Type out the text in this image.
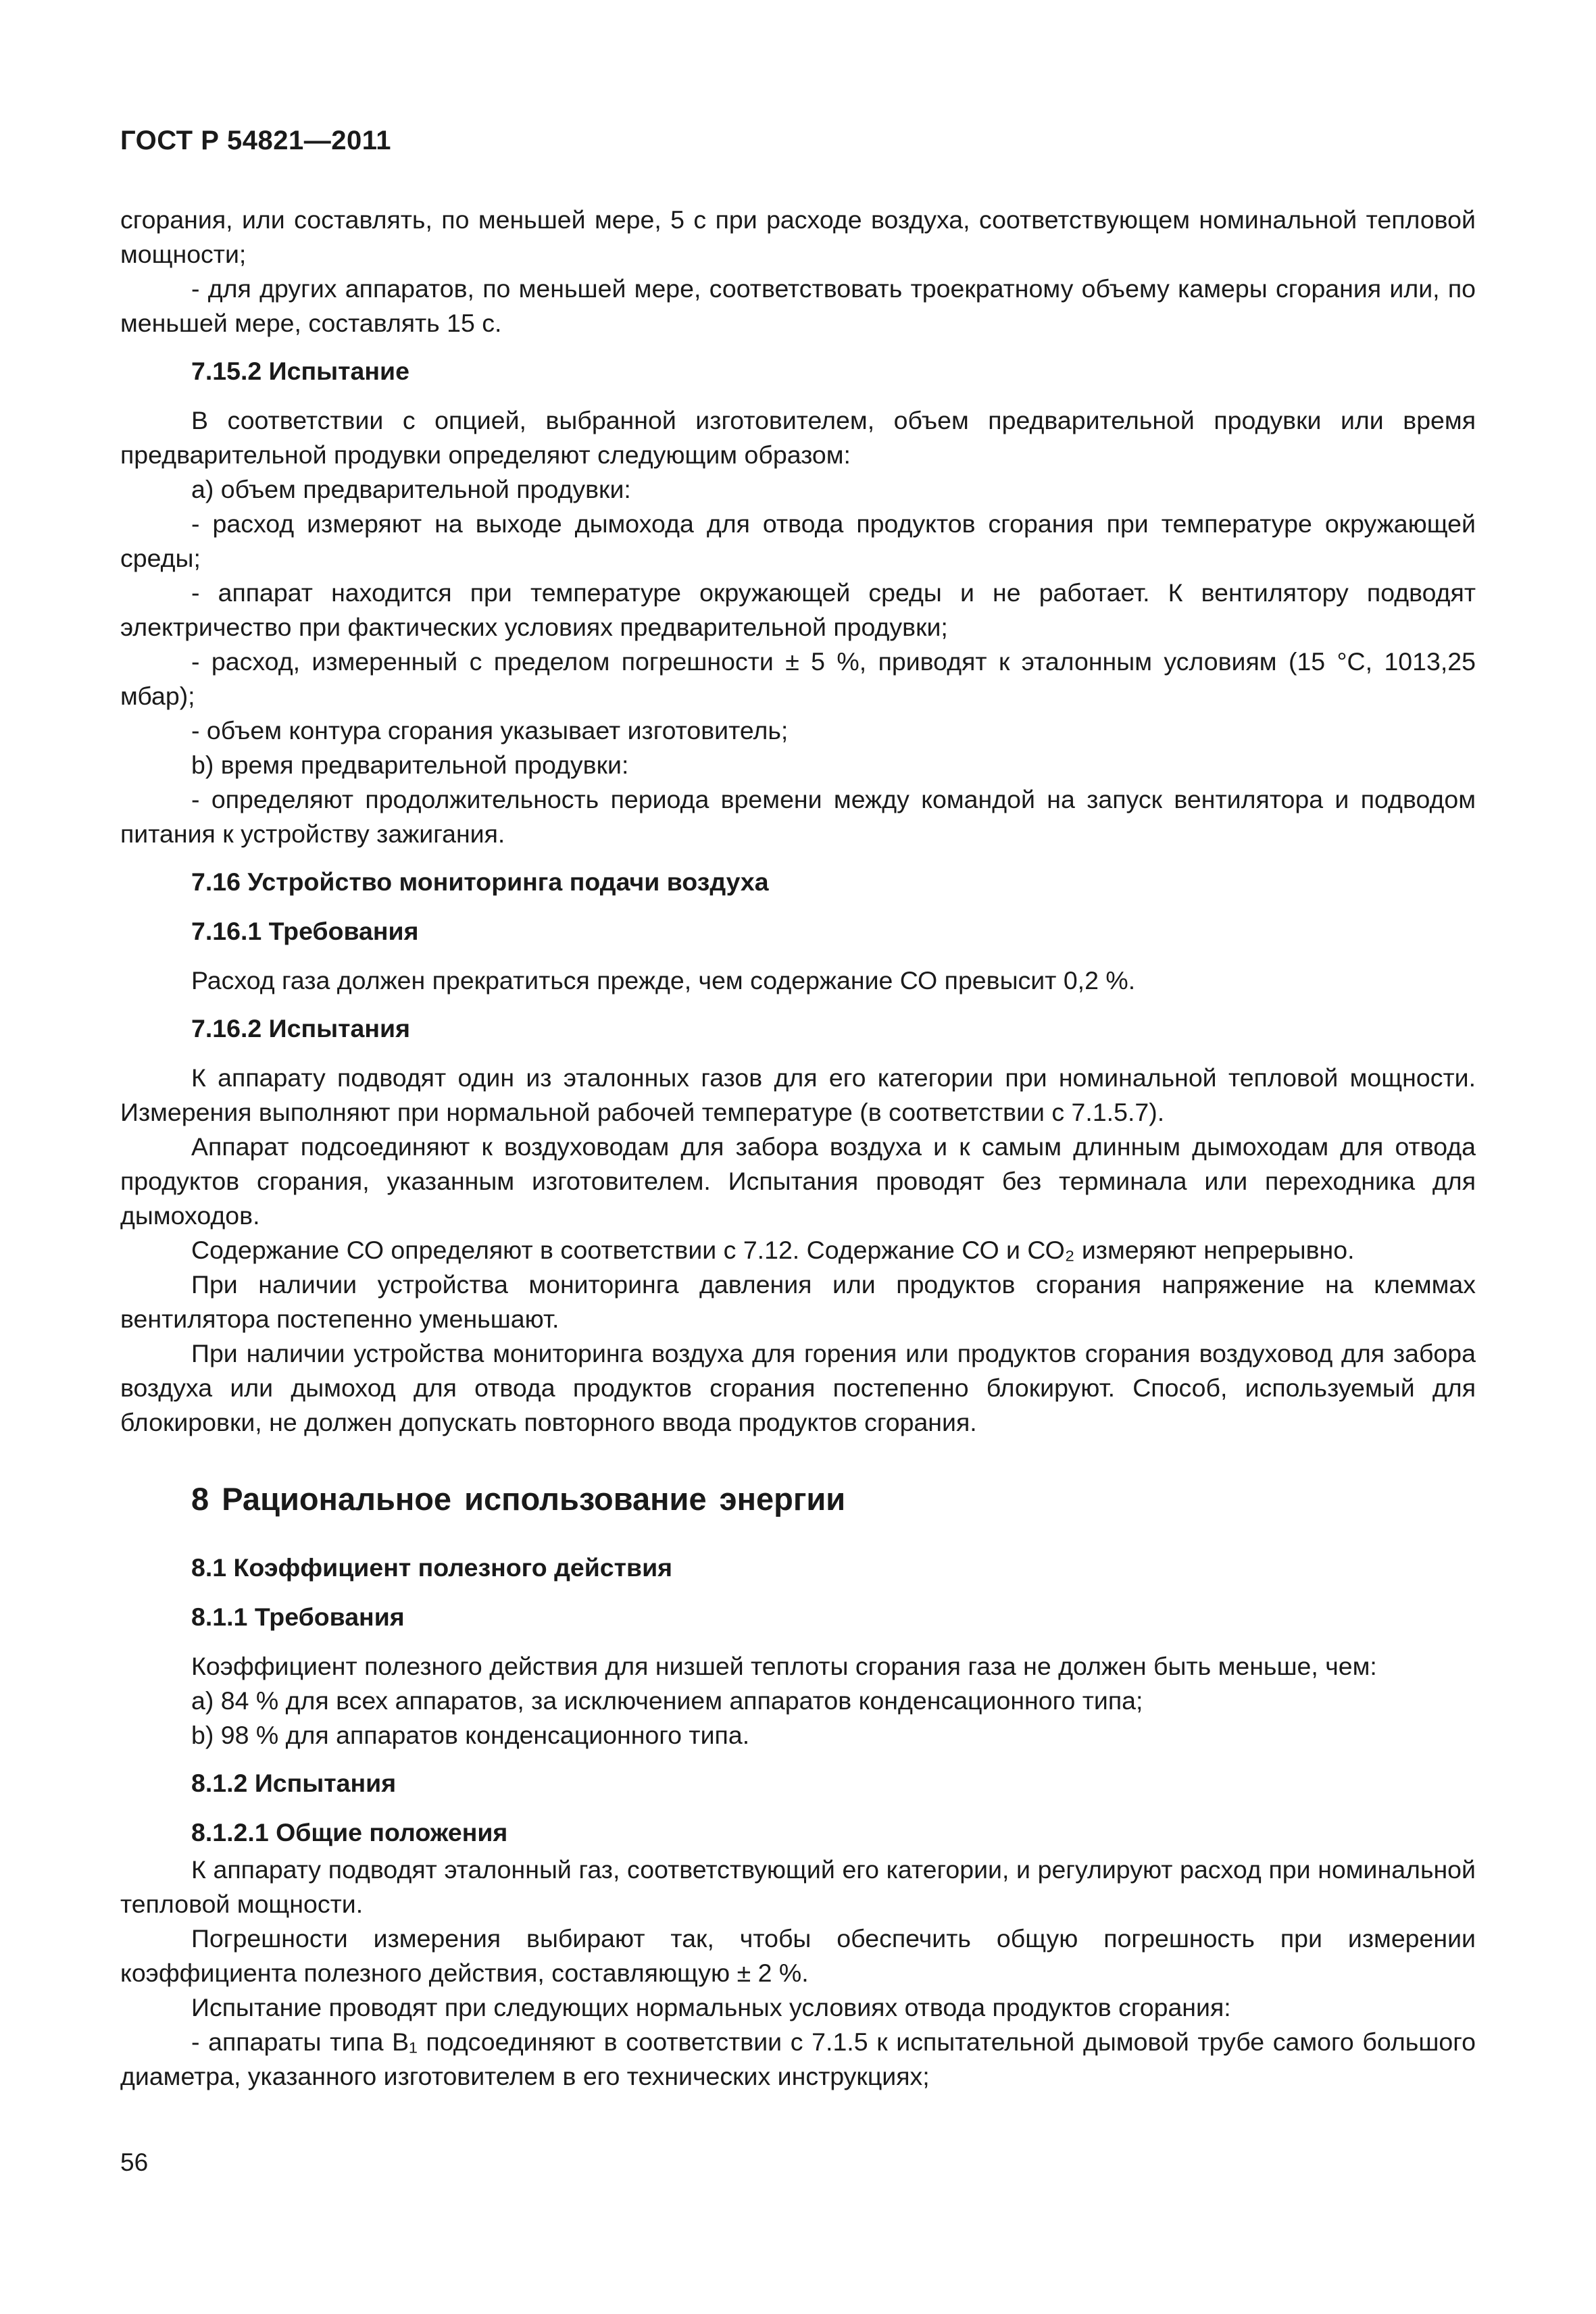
ГОСТ Р 54821—2011

сгорания, или составлять, по меньшей мере, 5 с при расходе воздуха, соответствующем номинальной тепловой мощности;

- для других аппаратов, по меньшей мере, соответствовать троекратному объему камеры сгорания или, по меньшей мере, составлять 15 с.

7.15.2 Испытание

В соответствии с опцией, выбранной изготовителем, объем предварительной продувки или время предварительной продувки определяют следующим образом:

a) объем предварительной продувки:

- расход измеряют на выходе дымохода для отвода продуктов сгорания при температуре окружающей среды;

- аппарат находится при температуре окружающей среды и не работает. К вентилятору подводят электричество при фактических условиях предварительной продувки;

- расход, измеренный с пределом погрешности ± 5 %, приводят к эталонным условиям (15 °С, 1013,25 мбар);

- объем контура сгорания указывает изготовитель;

b) время предварительной продувки:

- определяют продолжительность периода времени между командой на запуск вентилятора и подводом питания к устройству зажигания.

7.16 Устройство мониторинга подачи воздуха

7.16.1 Требования

Расход газа должен прекратиться прежде, чем содержание СО превысит 0,2 %.

7.16.2 Испытания

К аппарату подводят один из эталонных газов для его категории при номинальной тепловой мощности. Измерения выполняют при нормальной рабочей температуре (в соответствии с 7.1.5.7).

Аппарат подсоединяют к воздуховодам для забора воздуха и к самым длинным дымоходам для отвода продуктов сгорания, указанным изготовителем. Испытания проводят без терминала или переходника для дымоходов.

Содержание СО определяют в соответствии с 7.12. Содержание СО и СО₂ измеряют непрерывно.

При наличии устройства мониторинга давления или продуктов сгорания напряжение на клеммах вентилятора постепенно уменьшают.

При наличии устройства мониторинга воздуха для горения или продуктов сгорания воздуховод для забора воздуха или дымоход для отвода продуктов сгорания постепенно блокируют. Способ, используемый для блокировки, не должен допускать повторного ввода продуктов сгорания.

8 Рациональное использование энергии

8.1 Коэффициент полезного действия

8.1.1 Требования

Коэффициент полезного действия для низшей теплоты сгорания газа не должен быть меньше, чем:

a) 84 % для всех аппаратов, за исключением аппаратов конденсационного типа;

b) 98 % для аппаратов конденсационного типа.

8.1.2 Испытания

8.1.2.1 Общие положения

К аппарату подводят эталонный газ, соответствующий его категории, и регулируют расход при номинальной тепловой мощности.

Погрешности измерения выбирают так, чтобы обеспечить общую погрешность при измерении коэффициента полезного действия, составляющую ± 2 %.

Испытание проводят при следующих нормальных условиях отвода продуктов сгорания:

- аппараты типа В₁ подсоединяют в соответствии с 7.1.5 к испытательной дымовой трубе самого большого диаметра, указанного изготовителем в его технических инструкциях;

56
